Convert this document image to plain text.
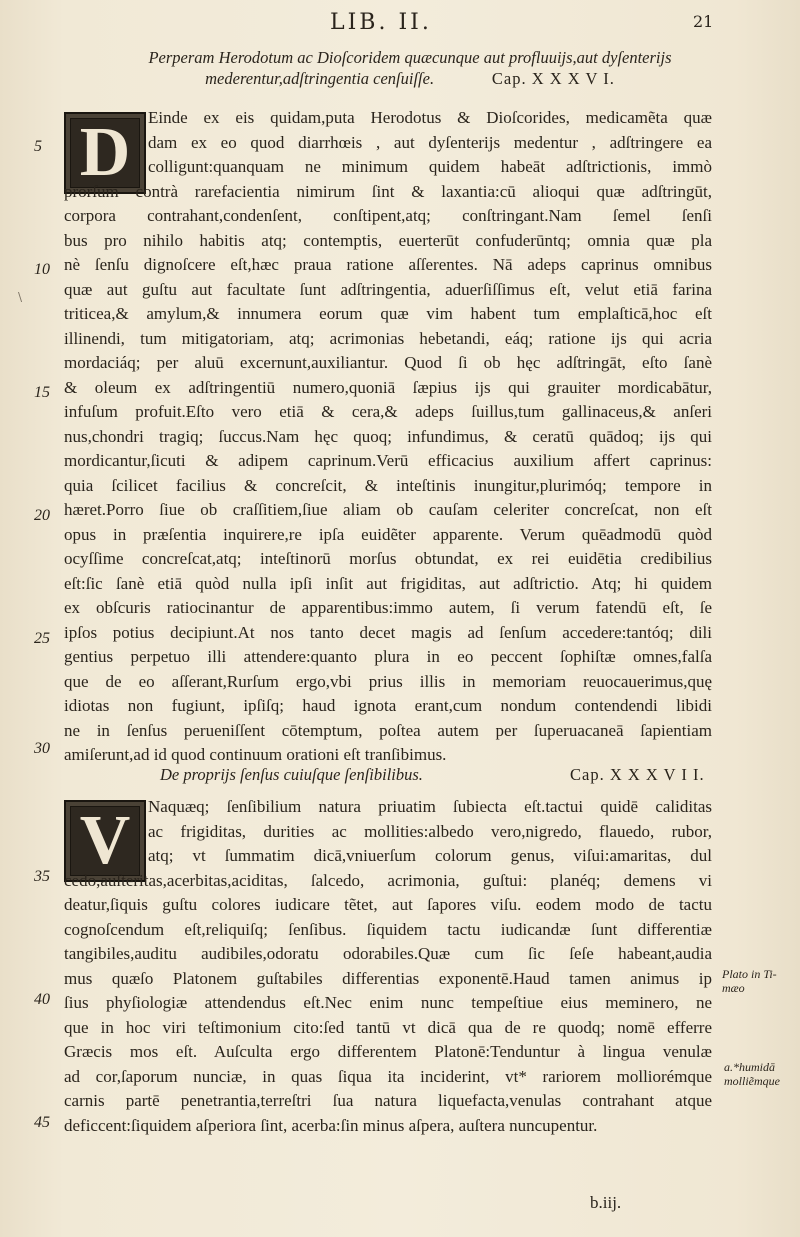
LIB. II.	21
Perperam Herodotum ac Dioſcoridem quæcunque aut profluuijs,aut dyſenterijs
mederentur,adſtringentia cenſuiſſe.	Cap. X X X V I.
D	Einde ex eis quidam,puta Herodotus & Dioſcorides, medicamẽta quæ
dam ex eo quod diarrhœis , aut dyſenterijs medentur , adſtringere ea
colligunt:quanquam ne minimum quidem habeāt adſtrictionis, immò
prorſum contrà rarefacientia nimirum ſint & laxantia:cū alioqui quæ adſtringūt,
corpora contrahant,condenſent, conſtipent,atq; conſtringant.Nam ſemel ſenſi
bus pro nihilo habitis atq; contemptis, euerterūt confuderūntq; omnia quæ pla
nè ſenſu dignoſcere eſt,hæc praua ratione aſſerentes. Nā adeps caprinus omnibus
quæ aut guſtu aut facultate ſunt adſtringentia, aduerſiſſimus eſt, velut etiā farina
triticea,& amylum,& innumera eorum quæ vim habent tum emplaſticā,hoc eſt
illinendi, tum mitigatoriam, atq; acrimonias hebetandi, eáq; ratione ijs qui acria
mordaciáq; per aluū excernunt,auxiliantur. Quod ſi ob hęc adſtringāt, eſto ſanè
& oleum ex adſtringentiū numero,quoniā ſæpius ijs qui grauiter mordicabātur,
infuſum profuit.Eſto vero etiā & cera,& adeps ſuillus,tum gallinaceus,& anſeri
nus,chondri tragiq; ſuccus.Nam hęc quoq; infundimus, & ceratū quādoq; ijs qui
mordicantur,ſicuti & adipem caprinum.Verū efficacius auxilium affert caprinus:
quia ſcilicet facilius & concreſcit, & inteſtinis inungitur,plurimóq; tempore in
hæret.Porro ſiue ob craſſitiem,ſiue aliam ob cauſam celeriter concreſcat, non eſt
opus in præſentia inquirere,re ipſa euidẽter apparente. Verum quēadmodū quòd
ocyſſime concreſcat,atq; inteſtinorū morſus obtundat, ex rei euidētia credibilius
eſt:ſic ſanè etiā quòd nulla ipſi inſit aut frigiditas, aut adſtrictio. Atq; hi quidem
ex obſcuris ratiocinantur de apparentibus:immo autem, ſi verum fatendū eſt, ſe
ipſos potius decipiunt.At nos tanto decet magis ad ſenſum accedere:tantóq; dili
gentius perpetuo illi attendere:quanto plura in eo peccent ſophiſtæ omnes,falſa
que de eo aſſerant,Rurſum ergo,vbi prius illis in memoriam reuocauerimus,quę
idiotas non fugiunt, ipſiſq; haud ignota erant,cum nondum contendendi libidi
ne in ſenſus perueniſſent cōtemptum, poſtea autem per ſuperuacaneā ſapientiam
amiſerunt,ad id quod continuum orationi eſt tranſibimus.
De proprijs ſenſus cuiuſque ſenſibilibus.	Cap. X X X V I I.
V	Naquæq; ſenſibilium natura priuatim ſubiecta eſt.tactui quidē caliditas
ac frigiditas, durities ac mollities:albedo vero,nigredo, flauedo, rubor,
atq; vt ſummatim dicā,vniuerſum colorum genus, viſui:amaritas, dul
cedo,auſteritas,acerbitas,aciditas, ſalcedo, acrimonia, guſtui: planéq; demens vi
deatur,ſiquis guſtu colores iudicare tẽtet, aut ſapores viſu. eodem modo de tactu
cognoſcendum eſt,reliquiſq; ſenſibus. ſiquidem tactu iudicandæ ſunt differentiæ
tangibiles,auditu audibiles,odoratu odorabiles.Quæ cum ſic ſeſe habeant,audia
mus quæſo Platonem guſtabiles differentias exponentē.Haud tamen animus ip
ſius phyſiologiæ attendendus eſt.Nec enim nunc tempeſtiue eius meminero, ne
que in hoc viri teſtimonium cito:ſed tantū vt dicā qua de re quodq; nomē efferre
Græcis mos eſt. Auſculta ergo differentem Platonē:Tenduntur à lingua venulæ
ad cor,ſaporum nunciæ, in quas ſiqua ita inciderint, vt* rariorem molliorémque
carnis partē penetrantia,terreſtri ſua natura liquefacta,venulas contrahant atque
deficcent:ſiquidem aſperiora ſint, acerba:ſin minus aſpera, auſtera nuncupentur.
Plato in Ti-
mæo
a.*humidā
molliẽmque
5
10
15
20
25
30
35
40
45
\
b.iij.
